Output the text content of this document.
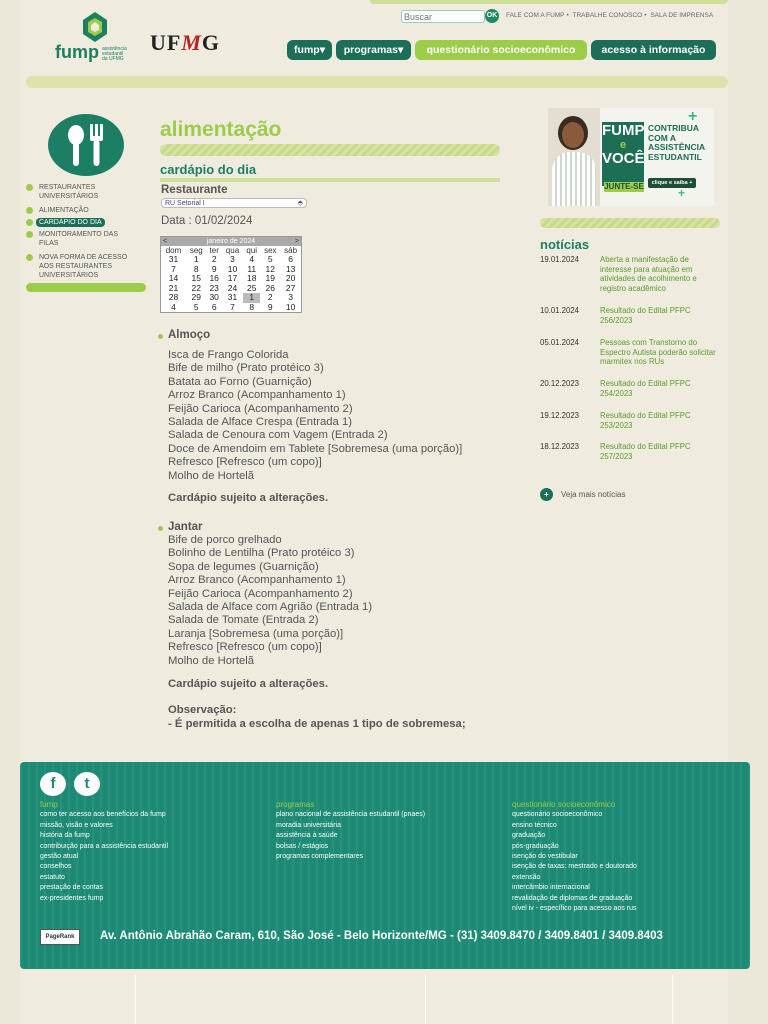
Buscar
OK FALE COM A FUMP • TRABALHE CONOSCO • SALA DE IMPRENSA
fump assistência
estudantil
da UFMG
UFMG	fump▾	programas▾	questionário socioeconômico	acesso à informação
RESTAURANTES UNIVERSITÁRIOS
ALIMENTAÇÃO
CARDÁPIO DO DIA
MONITORAMENTO DAS FILAS
NOVA FORMA DE ACESSO AOS RESTAURANTES UNIVERSITÁRIOS
alimentação
cardápio do dia
Restaurante
RU Setorial I	⬘
Data : 01/02/2024
<	janeiro de 2024	>
dom	seg	ter	qua	qui	sex	sáb
31	1	2	3	4	5	6
7	8	9	10	11	12	13
14	15	16	17	18	19	20
21	22	23	24	25	26	27
28	29	30	31	1	2	3
4	5	6	7	8	9	10
Almoço
Isca de Frango Colorida
Bife de milho (Prato protéico 3)
Batata ao Forno (Guarnição)
Arroz Branco (Acompanhamento 1)
Feijão Carioca (Acompanhamento 2)
Salada de Alface Crespa (Entrada 1)
Salada de Cenoura com Vagem (Entrada 2)
Doce de Amendoim em Tablete [Sobremesa (uma porção)]
Refresco [Refresco (um copo)]
Molho de Hortelã
Cardápio sujeito a alterações.
Jantar
Bife de porco grelhado
Bolinho de Lentilha (Prato protéico 3)
Sopa de legumes (Guarnição)
Arroz Branco (Acompanhamento 1)
Feijão Carioca (Acompanhamento 2)
Salada de Alface com Agrião (Entrada 1)
Salada de Tomate (Entrada 2)
Laranja [Sobremesa (uma porção)]
Refresco [Refresco (um copo)]
Molho de Hortelã
Cardápio sujeito a alterações.
Observação:
- É permitida a escolha de apenas 1 tipo de sobremesa;
FUMP
e
VOCÊ
JUNTE-SE
CONTRIBUA
COM A
ASSISTÊNCIA
ESTUDANTIL
clique e saiba +
+
+
notícias
19.01.2024	Aberta a manifestação de interesse para atuação em atividades de acolhimento e registro acadêmico
10.01.2024	Resultado do Edital PFPC 256/2023
05.01.2024	Pessoas com Transtorno do Espectro Autista poderão solicitar marmitex nos RUs
20.12.2023	Resultado do Edital PFPC 254/2023
19.12.2023	Resultado do Edital PFPC 253/2023
18.12.2023	Resultado do Edital PFPC 257/2023
+ Veja mais notícias
f	t
fump
como ter acesso aos benefícios da fump
missão, visão e valores
história da fump
contribuição para a assistência estudantil
gestão atual
conselhos
estatuto
prestação de contas
ex-presidentes fump
programas
plano nacional de assistência estudantil (pnaes)
moradia universitária
assistência à saúde
bolsas / estágios
programas complementares
questionário socioeconômico
questionário socioeconômico
ensino técnico
graduação
pós-graduação
isenção do vestibular
isenção de taxas: mestrado e doutorado
extensão
intercâmbio internacional
revalidação de diplomas de graduação
nível iv - específico para acesso aos rus
PageRank	Av. Antônio Abrahão Caram, 610, São José - Belo Horizonte/MG - (31) 3409.8470 / 3409.8401 / 3409.8403
